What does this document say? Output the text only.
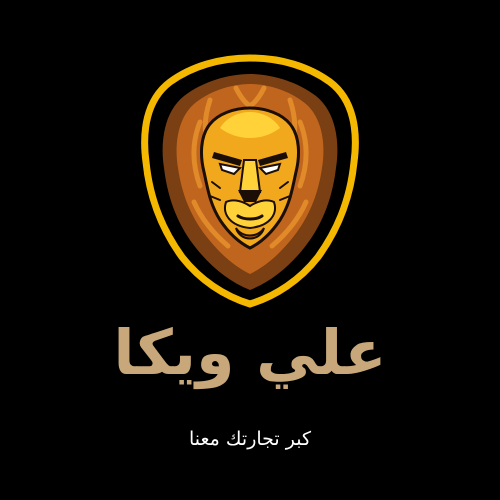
علي ويكا
كبر تجارتك معنا
